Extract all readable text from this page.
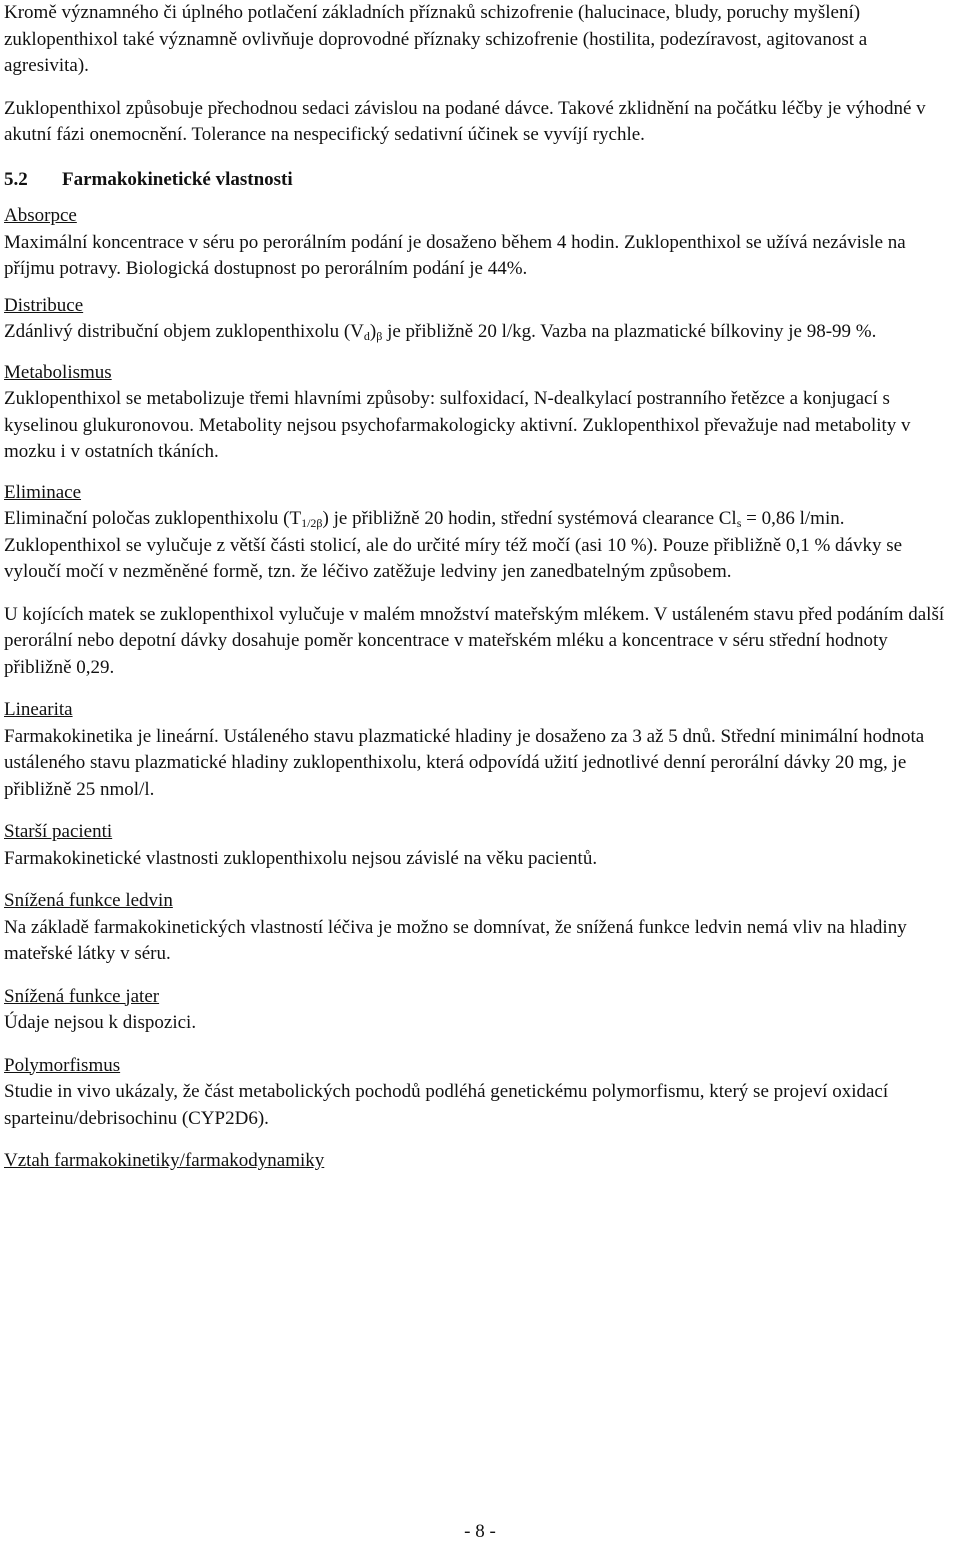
Kromě významného či úplného potlačení základních příznaků schizofrenie (halucinace, bludy, poruchy myšlení) zuklopenthixol také významně ovlivňuje doprovodné příznaky schizofrenie (hostilita, podezíravost, agitovanost a agresivita).

Zuklopenthixol způsobuje přechodnou sedaci závislou na podané dávce. Takové zklidnění na počátku léčby je výhodné v akutní fázi onemocnění. Tolerance na nespecifický sedativní účinek se vyvíjí rychle.

5.2 Farmakokinetické vlastnosti

Absorpce

Maximální koncentrace v séru po perorálním podání je dosaženo během 4 hodin. Zuklopenthixol se užívá nezávisle na příjmu potravy. Biologická dostupnost po perorálním podání je 44%.

Distribuce

Zdánlivý distribuční objem zuklopenthixolu $(V_d)_\beta$ je přibližně 20 l/kg. Vazba na plazmatické bílkoviny je 98-99 %.

Metabolismus

Zuklopenthixol se metabolizuje třemi hlavními způsoby: sulfoxidací, N-dealkylací postranního řetězce a konjugací s kyselinou glukuronovou. Metabolity nejsou psychofarmakologicky aktivní. Zuklopenthixol převažuje nad metabolity v mozku i v ostatních tkáních.

Eliminace

Eliminační poločas zuklopenthixolu $(T_{1/2\beta})$ je přibližně 20 hodin, střední systémová clearance $Cl_s = 0,86$ l/min.

Zuklopenthixol se vylučuje z větší části stolicí, ale do určité míry též močí (asi 10 %). Pouze přibližně 0,1 % dávky se vyloučí močí v nezměněné formě, tzn. že léčivo zatěžuje ledviny jen zanedbatelným způsobem.

U kojících matek se zuklopenthixol vylučuje v malém množství mateřským mlékem. V ustáleném stavu před podáním další perorální nebo depotní dávky dosahuje poměr koncentrace v mateřském mléku a koncentrace v séru střední hodnoty přibližně 0,29.

Linearita

Farmakokinetika je lineární. Ustáleného stavu plazmatické hladiny je dosaženo za 3 až 5 dnů. Střední minimální hodnota ustáleného stavu plazmatické hladiny zuklopenthixolu, která odpovídá užití jednotlivé denní perorální dávky 20 mg, je přibližně 25 nmol/l.

Starší pacienti

Farmakokinetické vlastnosti zuklopenthixolu nejsou závislé na věku pacientů.

Snížená funkce ledvin

Na základě farmakokinetických vlastností léčiva je možno se domnívat, že snížená funkce ledvin nemá vliv na hladiny mateřské látky v séru.

Snížená funkce jater

Údaje nejsou k dispozici.

Polymorfismus

Studie in vivo ukázaly, že část metabolických pochodů podléhá genetickému polymorfismu, který se projeví oxidací sparteinu/debrisochinu (CYP2D6).

Vztah farmakokinetiky/farmakodynamiky
- 8 -
